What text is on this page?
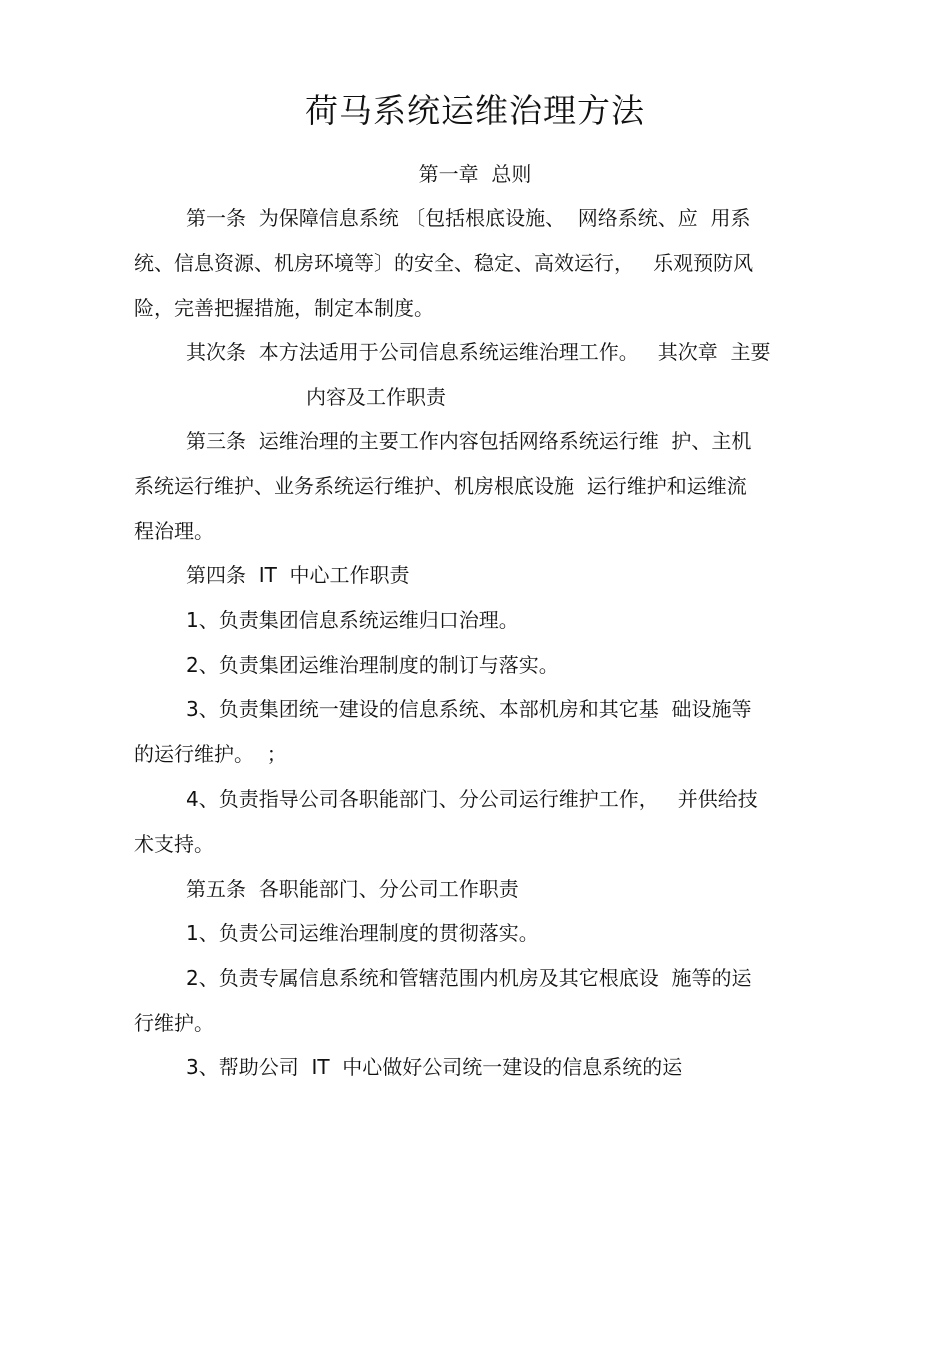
荷马系统运维治理方法
第一章  总则
第一条  为保障信息系统 〔包括根底设施、  网络系统、应  用系
统、信息资源、机房环境等〕的安全、稳定、高效运行，   乐观预防风
险，完善把握措施，制定本制度。
其次条  本方法适用于公司信息系统运维治理工作。   其次章  主要
内容及工作职责
第三条  运维治理的主要工作内容包括网络系统运行维  护、主机
系统运行维护、业务系统运行维护、机房根底设施  运行维护和运维流
程治理。
第四条  IT  中心工作职责
1、负责集团信息系统运维归口治理。
2、负责集团运维治理制度的制订与落实。
3、负责集团统一建设的信息系统、本部机房和其它基  础设施等
的运行维护。  ；
4、负责指导公司各职能部门、分公司运行维护工作，   并供给技
术支持。
第五条  各职能部门、分公司工作职责
1、负责公司运维治理制度的贯彻落实。
2、负责专属信息系统和管辖范围内机房及其它根底设  施等的运
行维护。
3、帮助公司  IT  中心做好公司统一建设的信息系统的运
